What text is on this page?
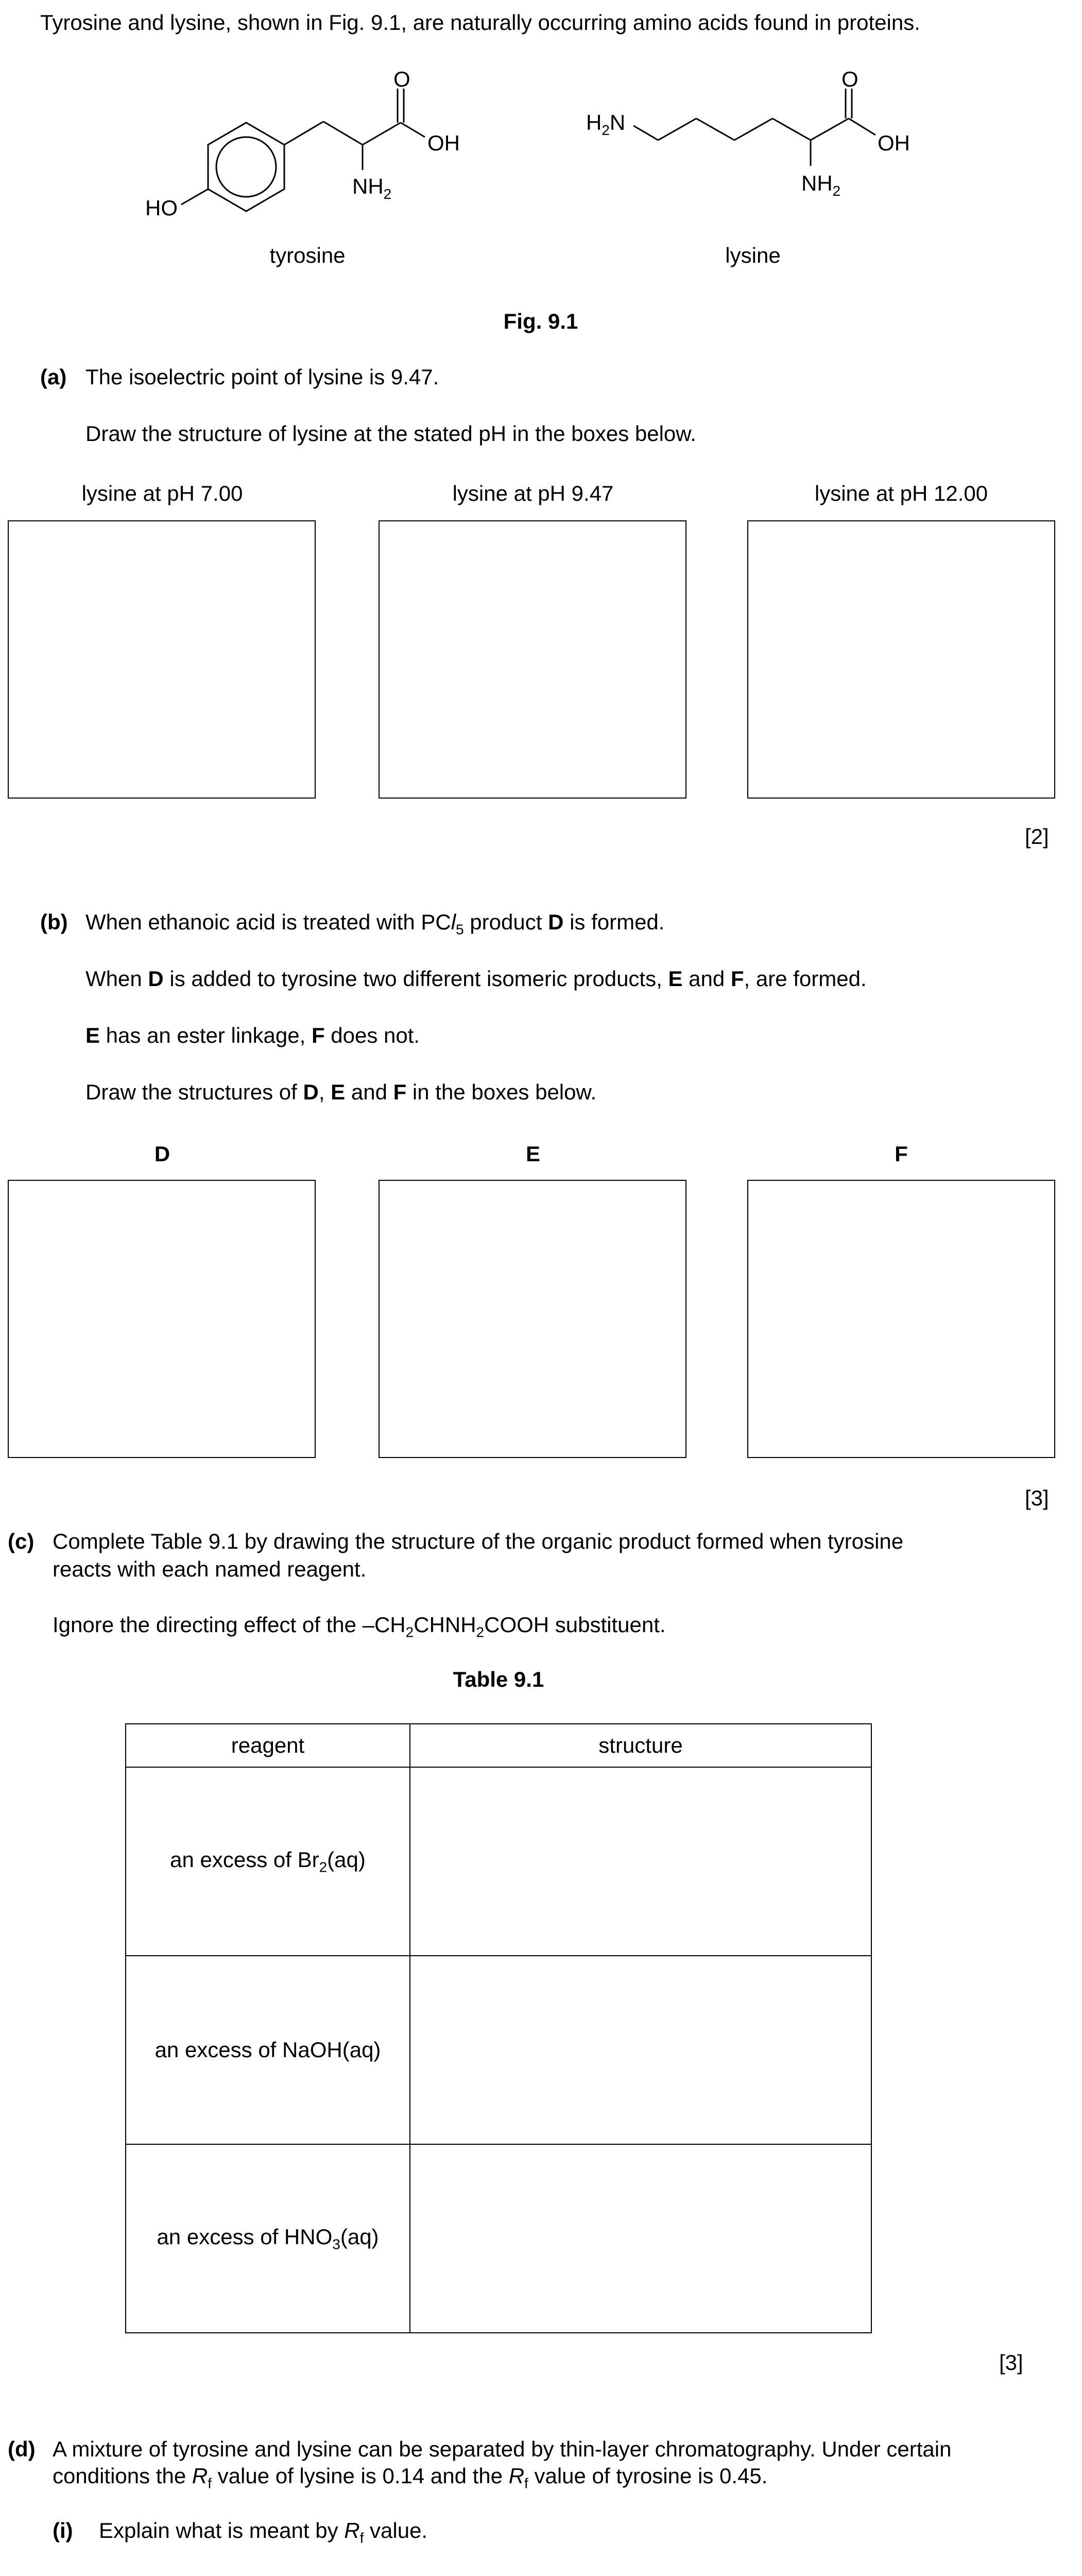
Tyrosine and lysine, shown in Fig. 9.1, are naturally occurring amino acids found in proteins.
HO
O
OH
$NH_2$
tyrosine
$H_2N$
O
OH
$NH_2$
lysine
Fig. 9.1
(a) The isoelectric point of lysine is 9.47.
Draw the structure of lysine at the stated pH in the boxes below.
lysine at pH 7.00	lysine at pH 9.47	lysine at pH 12.00
[2]
(b) When ethanoic acid is treated with PCl$_5$ product D is formed.
When D is added to tyrosine two different isomeric products, E and F, are formed.
E has an ester linkage, F does not.
Draw the structures of D, E and F in the boxes below.
D	E	F
[3]
(c) Complete Table 9.1 by drawing the structure of the organic product formed when tyrosine
reacts with each named reagent.
Ignore the directing effect of the $-CH_2CHNH_2COOH$ substituent.
Table 9.1
reagent	structure
an excess of $Br_2(aq)$	
an excess of NaOH(aq)	
an excess of $HNO_3(aq)$	
[3]
(d) A mixture of tyrosine and lysine can be separated by thin-layer chromatography. Under certain
conditions the $R_f$ value of lysine is 0.14 and the $R_f$ value of tyrosine is 0.45.
(i) Explain what is meant by $R_f$ value.
